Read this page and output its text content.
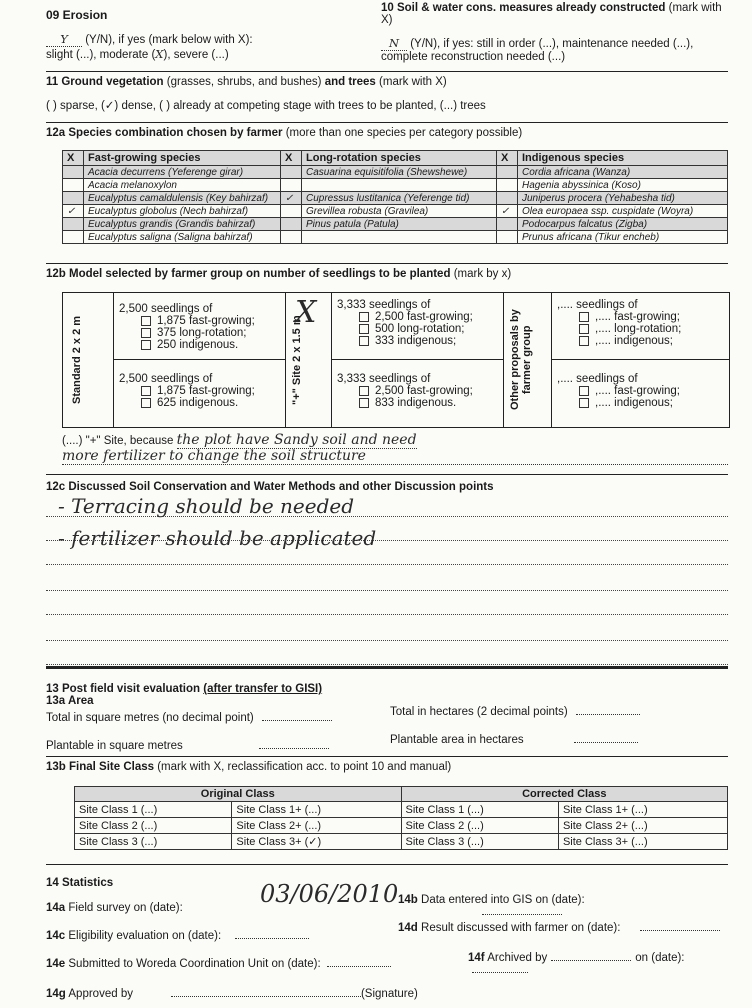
09 Erosion
Y (Y/N), if yes (mark below with X):
slight (...), moderate (X), severe (...)
10 Soil & water cons. measures already constructed (mark with X)
N (Y/N), if yes: still in order (...), maintenance needed (...),
complete reconstruction needed (...)
11 Ground vegetation (grasses, shrubs, and bushes) and trees (mark with X)
( ) sparse, (✓) dense, ( ) already at competing stage with trees to be planted, (...) trees
12a Species combination chosen by farmer (more than one species per category possible)
X	Fast-growing species	X	Long-rotation species	X	Indigenous species
	Acacia decurrens (Yeferenge girar)		Casuarina equisitifolia (Shewshewe)		Cordia africana (Wanza)
	Acacia melanoxylon				Hagenia abyssinica (Koso)
	Eucalyptus camaldulensis (Key bahirzaf)	✓	Cupressus lustitanica (Yeferenge tid)		Juniperus procera (Yehabesha tid)
✓	Eucalyptus globolus (Nech bahirzaf)		Grevillea robusta (Gravilea)	✓	Olea europaea ssp. cuspidate (Woyra)
	Eucalyptus grandis (Grandis bahirzaf)		Pinus patula (Patula)		Podocarpus falcatus (Zigba)
	Eucalyptus saligna (Saligna bahirzaf)				Prunus africana (Tikur encheb)
12b Model selected by farmer group on number of seedlings to be planted (mark by x)
Standard 2 x 2 m	"+" Site 2 x 1.5 m	Other proposals by farmer group
X
2,500 seedlings of
1,875 fast-growing;
375 long-rotation;
250 indigenous.
2,500 seedlings of
1,875 fast-growing;
625 indigenous.
3,333 seedlings of
2,500 fast-growing;
500 long-rotation;
333 indigenous;
3,333 seedlings of
2,500 fast-growing;
833 indigenous.
,.... seedlings of
,.... fast-growing;
,.... long-rotation;
,.... indigenous;
,.... seedlings of
,.... fast-growing;
,.... indigenous;
(....) "+" Site, because the plot have Sandy soil and need
more fertilizer to change the soil structure
12c Discussed Soil Conservation and Water Methods and other Discussion points
- Terracing should be needed
- fertilizer should be applicated
13 Post field visit evaluation (after transfer to GISI)
13a Area
Total in square metres (no decimal point)	Total in hectares (2 decimal points)
Plantable in square metres	Plantable area in hectares
13b Final Site Class (mark with X, reclassification acc. to point 10 and manual)
Original Class		Corrected Class	
Site Class 1 (...)	Site Class 1+ (...)	Site Class 1 (...)	Site Class 1+ (...)
Site Class 2 (...)	Site Class 2+ (...)	Site Class 2 (...)	Site Class 2+ (...)
Site Class 3 (...)	Site Class 3+ (✓)	Site Class 3 (...)	Site Class 3+ (...)
14 Statistics
14a Field survey on (date):	03/06/2010 14b Data entered into GIS on (date):
14c Eligibility evaluation on (date):
14d Result discussed with farmer on (date):
14e Submitted to Woreda Coordination Unit on (date):	14f Archived by	on (date):
14g Approved by	(Signature)
